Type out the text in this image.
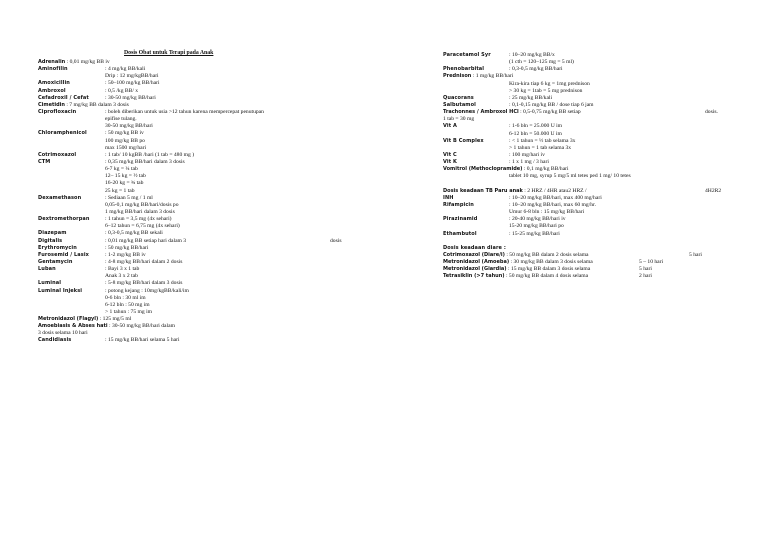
Dosis Obat untuk Terapi pada Anak
Adrenalin : 0,01 mg/kg BB iv
Aminofilin	: 4 mg/kg BB/kali
Drip : 12 mg/kgBB/hari
Amoxicillin	: 50–100 mg/kg BB/hari
Ambroxol	: 0,5 /kg BB/ x
Cefadroxil / Cefat	: 30-50 mg/kg BB/hari
Cimetidin : 7 mg/kg BB dalam 3 dosis
Ciprofloxacin	: boleh diberikan untuk usia >12 tahun karena mempercepat penutupan
epifise tulang.
30-50 mg/kg BB/hari
Chloramphenicol	: 50 mg/kg BB iv
100 mg/kg BB po
max 1500 mg/hari
Cotrimoxazol	: 1 tab/ 10 kgBB /hari (1 tab = 480 mg )
CTM	: 0,35 mg/kg BB/hari dalam 3 dosis
6-7 kg = ¼ tab
12– 15 kg = ½ tab
16-20 kg = ¾ tab
25 kg = 1 tab
Dexamethason	: Sediaan 5 mg / 1 ml
0,05-0,1 mg/kg BB/hari/dosis po
1 mg/kg BB/hari dalam 3 dosis
Dextromethorpan	: 1 tahun = 3,5 mg (4x sehari)
6–12 tahun = 6,75 mg (4x sehari)
Diazepam	: 0,3-0,5 mg/kg BB sekali
Digitalis	: 0,01 mg/kg BB setiap hari dalam 3	dosis
Erythromycin	: 50 mg/kg BB/hari
Furosemid / Lasix	: 1-2 mg/kg BB iv
Gentamycin	: 4-8 mg/kg BB/hari dalam 2 dosis
Luban	: Bayi 3 x 1 tab
Anak 3 x 2 tab
Luminal	: 5-8 mg/kg BB/hari dalam 3 dosis
Luminal Injeksi	: potong kejang : 10mg/kgBB/kali/im
0-6 bln : 30 ml im
6-12 bln : 50 mg im
> 1 tahun : 75 mg im
Metronidazol (Flagyl) : 125 mg/5 ml
Amoebiasis & Abses hati : 30-50 mg/kg BB/hari dalam
3 dosis selama 10 hari
Candidiasis	: 15 mg/kg BB/hari selama 5 hari
Paracetamol Syr	: 10–20 mg/kg BB/x
(1 cth = 120–125 mg = 5 ml)
Phenobarbital	: 0,3-0,5 mg/kg BB/hari
Prednison : 1 mg/kg BB/hari
Kira-kira tiap 6 kg = 1mg prednison
> 30 kg = 1tab = 5 mg prednison
Quacorans	: 25 mg/kg BB/kali
Salbutamol	: 0,1-0,15 mg/kg BB / dose tiap 6 jam
Trachonnes / Ambroxol HCl : 0,5-0,75 mg/kg BB setiap	dosis.
1 tab = 30 mg
Vit A	: 1-6 bln = 25.000 U im
6-12 bln = 50.000 U im
Vit B Complex	: < 1 tahun = ½ tab selama 3x
> 1 tahun = 1 tab selama 3x
Vit C	: 100 mg/hari iv
Vit K	: 1 x 1 mg / 3 hari
Vomitrol (Methoclopramide) : 0,1 mg/kg BB/hari
tablet 10 mg, syrup 5 mg/5 ml tetes ped 1 mg/ 10 tetes
Dosis keadaan TB Paru anak : 2 HRZ / 4HR atau2 HRZ /	4H2R2
INH	: 10–20 mg/kg BB/hari, max 400 mg/hari
Rifampicin	: 10–20 mg/kg BB/hari, max 60 mg/hr.
Umur 6-8 bln : 15 mg/kg BB/hari
Pirazinamid	: 20-40 mg/kg BB/hari iv
15-20 mg/kg BB/hari po
Ethambutol	: 15-25 mg/kg BB/hari
Dosis keadaan diare :
Cotrimoxazol (Diare/i) : 50 mg/kg BB dalam 2 dosis selama	5 hari
Metronidazol (Amoeba) : 30 mg/kg BB dalam 3 dosis selama	5 – 10 hari
Metronidazol (Giardia) : 15 mg/kg BB dalam 3 dosis selama	5 hari
Tetrasiklin (>7 tahun) : 50 mg/kg BB dalam 4 dosis selama	2 hari
